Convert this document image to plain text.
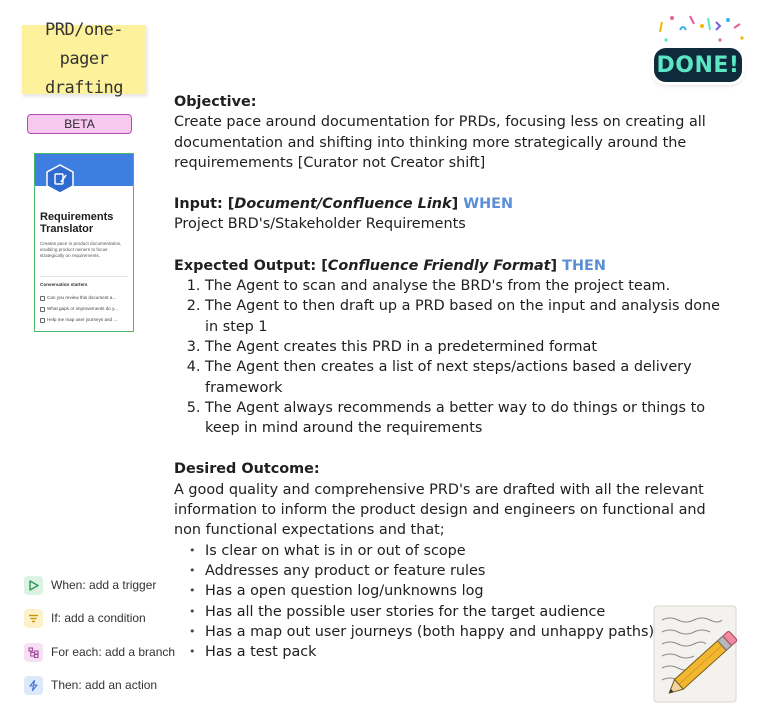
PRD/one-
pager drafting
BETA
Requirements Translator
Creates pace in product documentation, enabling product owners to focus strategically on requirements.
Conversation starters
Can you review this document a...
What gaps or improvements do y...
Help me map user journeys and ...
DONE!

Objective:

Create pace around documentation for PRDs, focusing less on creating all

documentation and shifting into thinking more strategically around the

requiremements [Curator not Creator shift]

Input: [Document/Confluence Link] WHEN

Project BRD's/Stakeholder Requirements

Expected Output: [Confluence Friendly Format] THEN

1. The Agent to scan and analyse the BRD's from the project team.
2. The Agent to then draft up a PRD based on the input and analysis done
in step 1
3. The Agent creates this PRD in a predetermined format
4. The Agent then creates a list of next steps/actions based a delivery
framework
5. The Agent always recommends a better way to do things or things to
keep in mind around the requirements

Desired Outcome:

A good quality and comprehensive PRD's are drafted with all the relevant

information to inform the product design and engineers on functional and

non functional expectations and that;

• Is clear on what is in or out of scope
• Addresses any product or feature rules
• Has a open question log/unknowns log
• Has all the possible user stories for the target audience
• Has a map out user journeys (both happy and unhappy paths)
• Has a test pack
When: add a trigger
If: add a condition
For each: add a branch
Then: add an action
